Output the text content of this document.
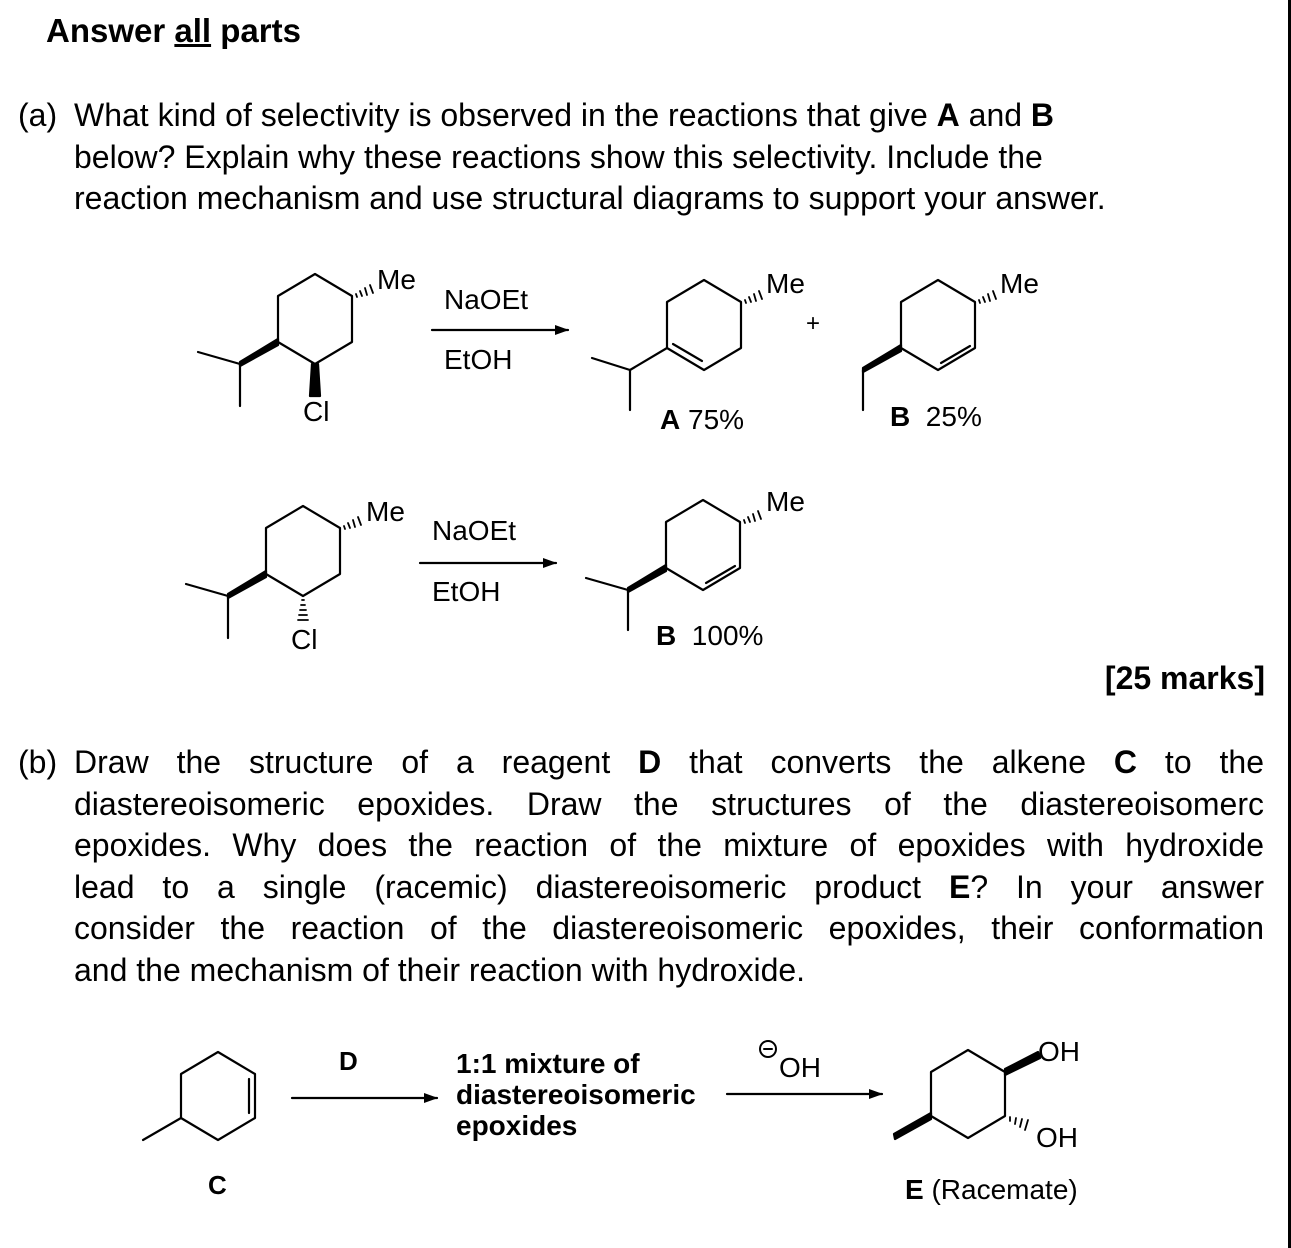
Answer all parts
(a) What kind of selectivity is observed in the reactions that give A and B
below? Explain why these reactions show this selectivity. Include the
reaction mechanism and use structural diagrams to support your answer.
Me
Cl
NaOEt
EtOH
Me
+
Me
A 75%	B  25%
Me
Cl
NaOEt
EtOH
Me
B  100%
[25 marks]
(b) Draw the structure of a reagent D that converts the alkene C to the
diastereoisomeric epoxides. Draw the structures of the diastereoisomerc
epoxides. Why does the reaction of the mixture of epoxides with hydroxide
lead to a single (racemic) diastereoisomeric product E? In your answer
consider the reaction of the diastereoisomeric epoxides, their conformation
and the mechanism of their reaction with hydroxide.
D
C
1:1 mixture of
diastereoisomeric
epoxides
OH
OH
OH
E (Racemate)
